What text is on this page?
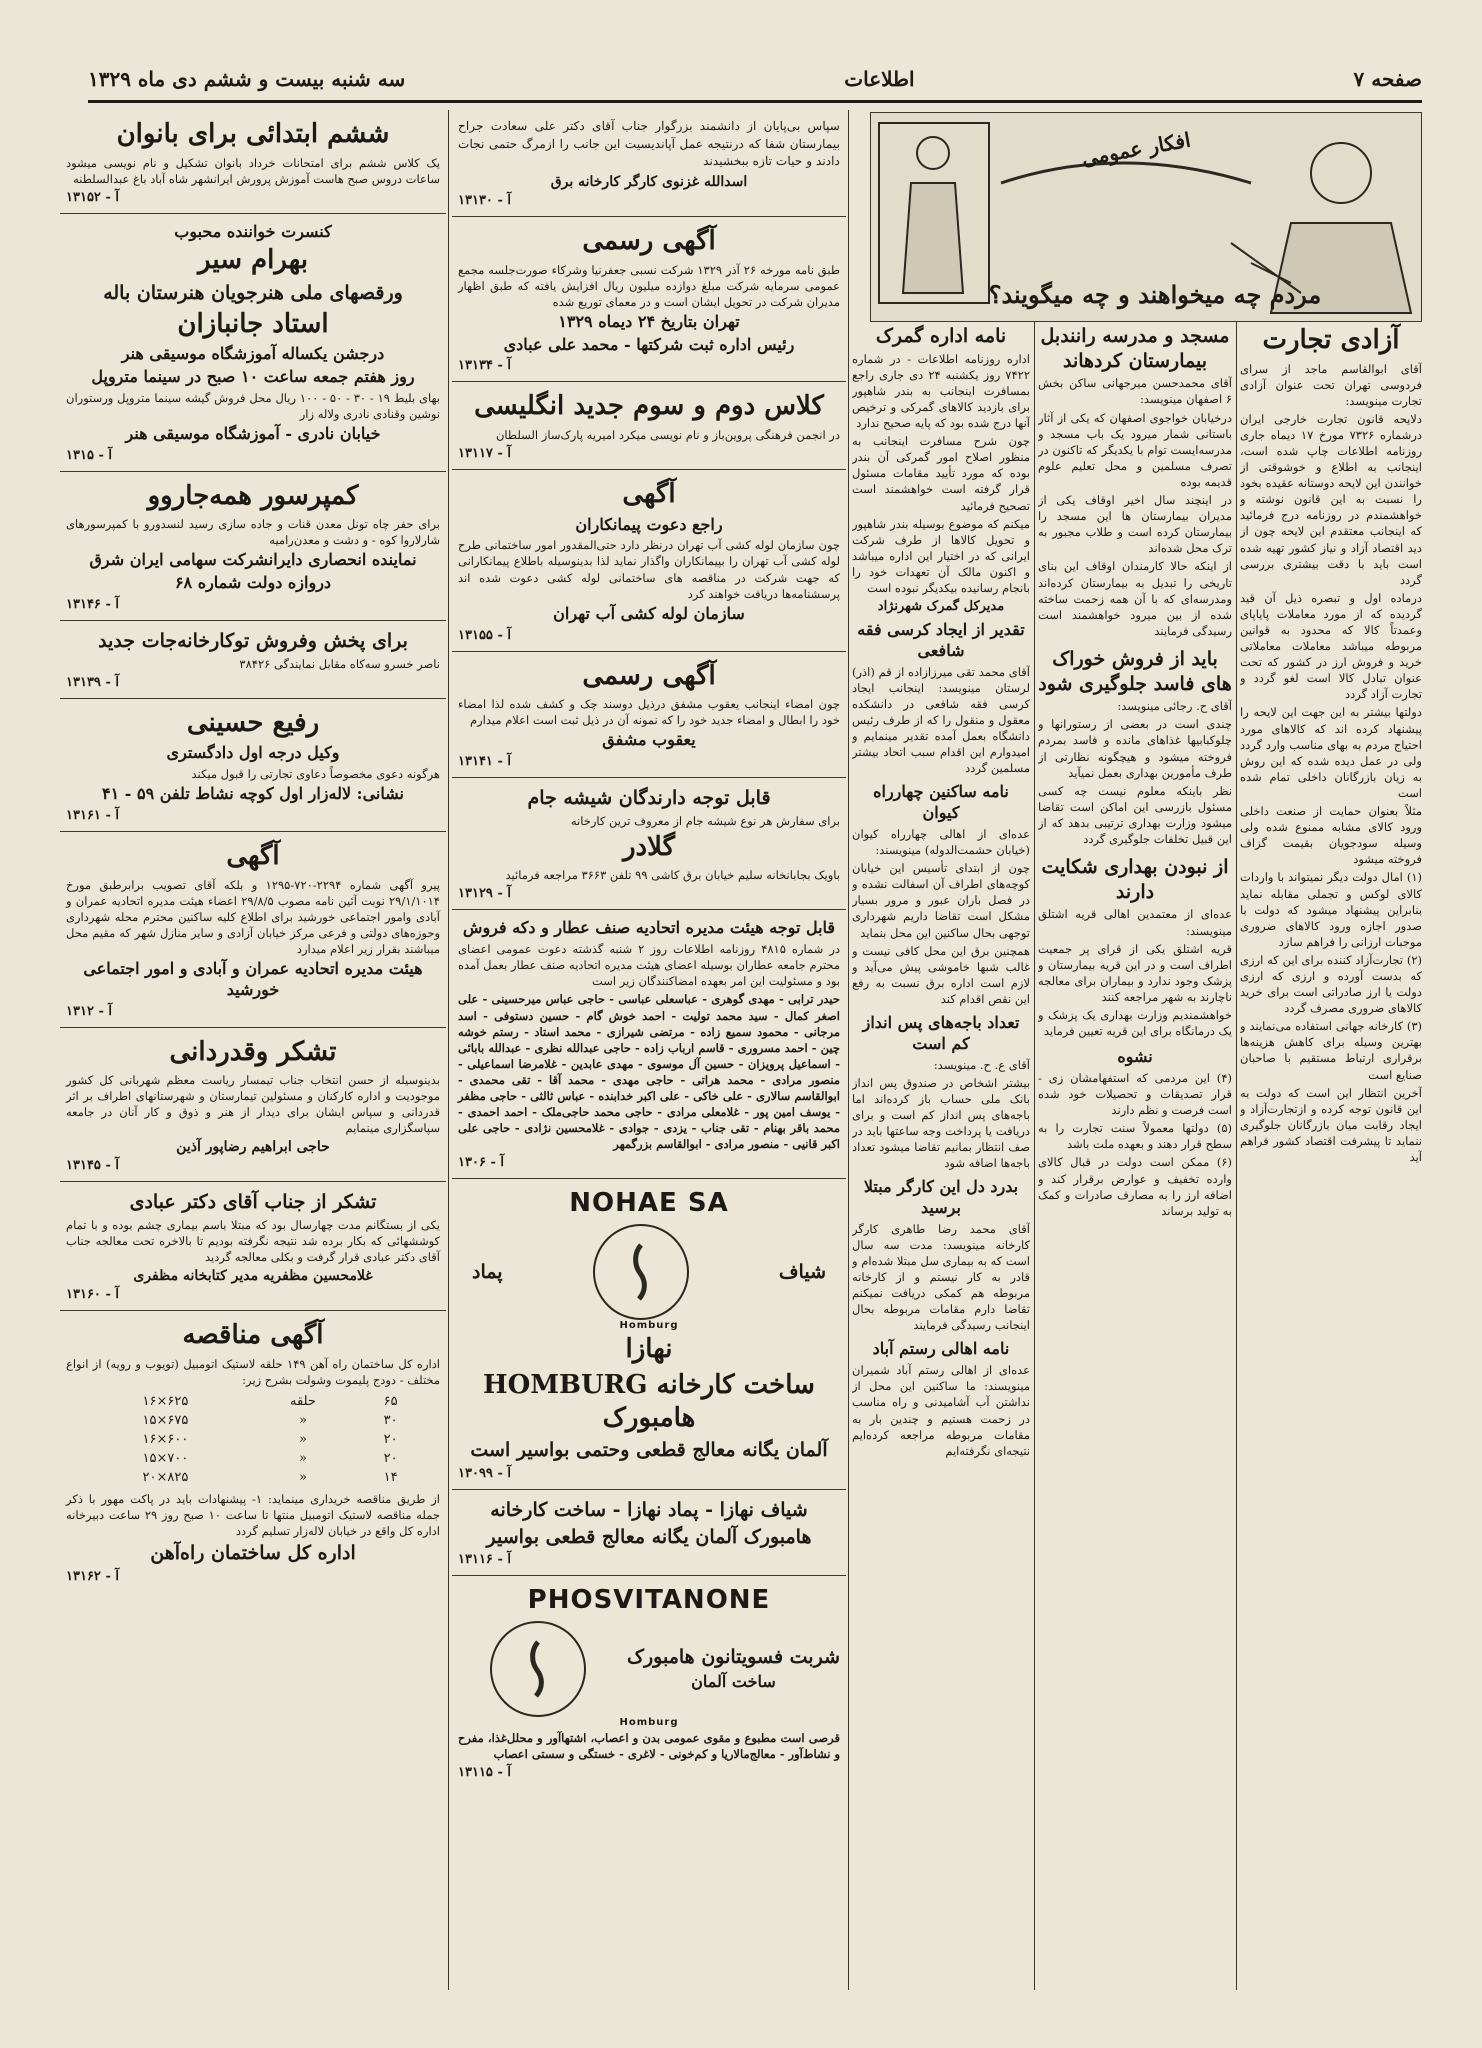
صفحه ۷
اطلاعات
سه شنبه بیست و ششم دی ماه ۱۳۲۹
ششم ابتدائی برای بانوان
یک کلاس ششم برای امتحانات خرداد بانوان تشکیل و نام نویسی میشود ساعات دروس صبح هاست آموزش پرورش ایرانشهر شاه آباد باغ عبدالسلطنه
آ - ۱۳۱۵۲
کنسرت خواننده محبوب
بهرام سیر
ورقصهای ملی هنرجویان هنرستان باله
استاد جانبازان
درجشن یکساله آموزشگاه موسیقی هنر
روز هفتم جمعه ساعت ۱۰ صبح در سینما متروپل
بهای بلیط ۱۹ - ۳۰ - ۵۰ - ۱۰۰ ریال محل فروش گیشه سینما متروپل ورستوران نوشین وقنادی نادری ولاله زار
خیابان نادری - آموزشگاه موسیقی هنر
آ - ۱۳۱۵
کمپرسور همه‌جاروو
برای حفر چاه تونل معدن قنات و جاده سازی رسید لنسدورو با کمپرسورهای شارلاروا کوه - و دشت و معدن‌رامیه
نماینده انحصاری دایرانشرکت سهامی ایران شرق
دروازه دولت شماره ۶۸
آ - ۱۳۱۴۶
برای پخش وفروش توکارخانه‌جات جدید
ناصر خسرو سه‌کاه مقابل نمایندگی ۳۸۴۲۶
آ - ۱۳۱۳۹
رفیع حسینی
وکیل درجه اول دادگستری
هرگونه دعوی مخصوصاً دعاوی تجارتی را قبول میکند
نشانی: لاله‌زار اول کوچه نشاط تلفن ۵۹ - ۴۱
آ - ۱۳۱۶۱
آگهی
پیرو آگهی شماره ۲۲۹۴-۷۲۰-۱۲۹۵ و بلکه آقای تصویب برابرطبق مورخ ۲۹/۱/۱۰۱۴ نوبت آئین نامه مصوب ۲۹/۸/۵ اعضاء هیئت مدیره اتحادیه عمران و آبادی وامور اجتماعی خورشید برای اطلاع کلیه ساکنین محترم محله شهرداری وحوزه‌های دولتی و فرعی مرکز خیابان آزادی و سایر منازل شهر که مقیم محل میباشند بقرار زیر اعلام میدارد
هیئت مدیره اتحادیه عمران و آبادی و امور اجتماعی خورشید
آ - ۱۳۱۲
تشکر وقدردانی
بدینوسیله از حسن انتخاب جناب تیمسار ریاست معظم شهربانی کل کشور موجودیت و اداره کارکنان و مسئولین تیمارستان و شهرستانهای اطراف بر اثر قدردانی و سپاس ایشان برای دیدار از هنر و ذوق و کار آنان در جامعه سپاسگزاری مینمایم
حاجی ابراهیم رضاپور آذین
آ - ۱۳۱۴۵
تشکر از جناب آقای دکتر عبادی
یکی از بستگانم مدت چهارسال بود که مبتلا باسم بیماری چشم بوده و با تمام کوششهائی که بکار برده شد نتیجه نگرفته بودیم تا بالاخره تحت معالجه جناب آقای دکتر عبادی قرار گرفت و بکلی معالجه گردید
غلامحسین مظفریه مدیر کتابخانه مظفری
آ - ۱۳۱۶۰
آگهی مناقصه
اداره کل ساختمان راه آهن ۱۴۹ حلقه لاستیک اتومبیل (تویوب و رویه) از انواع مختلف - دودج پلیموت وشولت بشرح زیر:
۶۵	حلقه	۶۲۵×۱۶
۳۰	«	۶۷۵×۱۵
۲۰	«	۶۰۰×۱۶
۲۰	«	۷۰۰×۱۵
۱۴	«	۸۲۵×۲۰
از طریق مناقصه خریداری مینماید: ۱- پیشنهادات باید در پاکت مهور با ذکر جمله مناقصه لاستیک اتومبیل منتها تا ساعت ۱۰ صبح روز ۲۹ ساعت دبیرخانه اداره کل واقع در خیابان لاله‌زار تسلیم گردد
اداره کل ساختمان راه‌آهن
آ - ۱۳۱۶۲
سپاس بی‌پایان از دانشمند بزرگوار جناب آقای دکتر علی سعادت جراح بیمارستان شفا که درنتیجه عمل آپاندیسیت این جانب را ازمرگ حتمی نجات دادند و حیات تازه ببخشیدند
اسدالله غزنوی کارگر کارخانه برق
آ - ۱۳۱۳۰
آگهی رسمی
طبق نامه مورخه ۲۶ آذر ۱۳۲۹ شرکت نسبی جعفرنیا وشرکاء صورت‌جلسه مجمع عمومی سرمایه شرکت مبلغ دوازده میلیون ریال افزایش یافته که طبق اظهار مدیران شرکت در تحویل ایشان است و در معمای توریع شده
تهران بتاریخ ۲۴ دیماه ۱۳۲۹
رئیس اداره ثبت شرکتها - محمد علی عبادی
آ - ۱۳۱۳۴
کلاس دوم و سوم جدید انگلیسی
در انجمن فرهنگی پروین‌باز و نام نویسی میکرد امیریه پارک‌ساز السلطان
آ - ۱۳۱۱۷
آگهی
راجع دعوت پیمانکاران
چون سازمان لوله کشی آب تهران درنظر دارد حتی‌المقدور امور ساختمانی طرح لوله کشی آب تهران را بپیمانکاران واگذار نماید لذا بدینوسیله باطلاع پیمانکارانی که جهت شرکت در مناقصه های ساختمانی لوله کشی دعوت شده اند پرسشنامه‌ها دریافت خواهند کرد
سازمان لوله کشی آب تهران
آ - ۱۳۱۵۵
آگهی رسمی
چون امضاء اینجانب یعقوب مشفق درذیل دوسند چک و کشف شده لذا امضاء خود را ابطال و امضاء جدید خود را که نمونه آن در ذیل ثبت است اعلام میدارم
یعقوب مشفق
آ - ۱۳۱۴۱
قابل توجه دارندگان شیشه جام
برای سفارش هر نوع شیشه جام از معروف ترین کارخانه
گلادر
باویک بجابانخانه سلیم خیابان برق کاشی ۹۹ تلفن ۳۶۶۳ مراجعه فرمائید
آ - ۱۳۱۲۹
قابل توجه هیئت مدیره اتحادیه صنف عطار و دکه فروش
در شماره ۴۸۱۵ روزنامه اطلاعات روز ۲ شنبه گذشته دعوت عمومی اعضای محترم جامعه عطاران بوسیله اعضای هیئت مدیره اتحادیه صنف عطار بعمل آمده بود و مسئولیت این امر بعهده امضاکنندگان زیر است
حیدر ترابی - مهدی گوهری - عباسعلی عباسی - حاجی عباس میرحسینی - علی اصغر کمال - سید محمد تولیت - احمد خوش گام - حسین دستوفی - اسد مرجانی - محمود سمیع زاده - مرتضی شیرازی - محمد استاد - رستم خوشه چین - احمد مسروری - قاسم ارباب زاده - حاجی عبدالله نظری - عبدالله بابائی - اسماعیل پرویزان - حسین آل موسوی - مهدی عابدین - غلامرضا اسماعیلی - منصور مرادی - محمد هراتی - حاجی مهدی - محمد آقا - تقی محمدی - ابوالقاسم سالاری - علی خاکی - علی اکبر خدابنده - عباس ثالثی - حاجی مظفر - یوسف امین پور - غلامعلی مرادی - حاجی محمد حاجی‌ملک - احمد احمدی - محمد باقر بهنام - تقی جناب - یزدی - جوادی - غلامحسین نژادی - حاجی علی اکبر قانیی - منصور مرادی - ابوالقاسم بزرگمهر
آ - ۱۳۰۶
NOHAE SA
شیاف
پماد
Homburg
نهازا
ساخت کارخانه HOMBURG هامبورک
آلمان یگانه معالج قطعی وحتمی بواسیر است
آ - ۱۳۰۹۹
شیاف نهازا - پماد نهازا - ساخت کارخانه
هامبورک آلمان یگانه معالج قطعی بواسیر
آ - ۱۳۱۱۶
PHOSVITANONE
شربت فسویتانون هامبورک
ساخت آلمان
Homburg
قرصی است مطبوع و مقوی عمومی بدن و اعصاب، اشتهاآور و محلل‌غذا، مفرح و نشاط‌آور - معالج‌مالاریا و کم‌خونی - لاغری - خستگی و سستی اعصاب
آ - ۱۳۱۱۵
افکار عمومی
مردم چه میخواهند و چه میگویند؟
آزادی تجارت
آقای ابوالقاسم ماجد از سرای فردوسی تهران تحت عنوان آزادی تجارت مینویسد:
دلایحه قانون تجارت خارجی ایران درشماره ۷۳۲۶ مورخ ۱۷ دیماه جاری روزنامه اطلاعات چاپ شده است، اینجانب به اطلاع و خوشوقتی از خوانندن این لایحه دوستانه عقیده بخود را نسبت به این قانون نوشته و خواهشمندم در روزنامه درج فرمائید که اینجانب معتقدم این لایحه چون از دید اقتصاد آزاد و نیاز کشور تهیه شده است باید با دقت بیشتری بررسی گردد
درماده اول و تبصره ذیل آن قید گردیده که از مورد معاملات پایاپای وعمدتاً کالا که محدود به قوانین مربوطه میباشد معاملات معاملاتی خرید و فروش ارز در کشور که تحت عنوان تبادل کالا است لغو گردد و تجارت آزاد گردد
دولتها بیشتر به این جهت این لایحه را پیشنهاد کرده اند که کالاهای مورد احتیاج مردم به بهای مناسب وارد گردد ولی در عمل دیده شده که این روش به زیان بازرگانان داخلی تمام شده است
مثلاً بعنوان حمایت از صنعت داخلی ورود کالای مشابه ممنوع شده ولی وسیله سودجویان بقیمت گزاف فروخته میشود
(۱) امال دولت دیگر نمیتواند با واردات کالای لوکس و تجملی مقابله نماید بنابراین پیشنهاد میشود که دولت با صدور اجازه ورود کالاهای ضروری موجبات ارزانی را فراهم سازد
(۲) تجارت‌آزاد کننده برای این که ارزی که بدست آورده و ارزی که ارزی دولت یا ارز صادراتی است برای خرید کالاهای ضروری مصرف گردد
(۳) کارخانه جهانی استفاده می‌نمایند و بهترین وسیله برای کاهش هزینه‌ها برقراری ارتباط مستقیم با صاحبان صنایع است
آخرین انتظار این است که دولت به این قانون توجه کرده و ازتجارت‌آزاد و ایجاد رقابت میان بازرگانان جلوگیری ننماید تا پیشرفت اقتصاد کشور فراهم آید
مسجد و مدرسه رانندبل بیمارستان کردهاند
آقای محمدحسن میرجهانی ساکن بخش ۶ اصفهان مینویسد:
درخیابان خواجوی اصفهان که یکی از آثار باستانی شمار میرود یک باب مسجد و مدرسه‌ایست توام با یکدیگر که تاکنون در تصرف مسلمین و محل تعلیم علوم قدیمه بوده
در اینچند سال اخیر اوقاف یکی از مدیران بیمارستان ها این مسجد را بیمارستان کرده است و طلاب مجبور به ترک محل شده‌اند
از اینکه حالا کارمندان اوقاف این بنای تاریخی را تبدیل به بیمارستان کرده‌اند ومدرسه‌ای که با آن همه زحمت ساخته شده از بین میرود خواهشمند است رسیدگی فرمایند
باید از فروش خوراک های فاسد جلوگیری شود
آقای ح. رجائی مینویسد:
چندی است در بعضی از رستورانها و چلوکبابیها غذاهای مانده و فاسد بمردم فروخته میشود و هیچگونه نظارتی از طرف مأمورین بهداری بعمل نمیآید
نظر باینکه معلوم نیست چه کسی مسئول بازرسی این اماکن است تقاضا میشود وزارت بهداری ترتیبی بدهد که از این قبیل تخلفات جلوگیری گردد
از نبودن بهداری شکایت دارند
عده‌ای از معتمدین اهالی قریه اشتلق مینویسند:
قریه اشتلق یکی از قرای پر جمعیت اطراف است و در این قریه بیمارستان و پزشک وجود ندارد و بیماران برای معالجه ناچارند به شهر مراجعه کنند
خواهشمندیم وزارت بهداری یک پزشک و یک درمانگاه برای این قریه تعیین فرماید
نشوه
(۴) این مردمی که استفهامشان زی - قرار تصدیقات و تحصیلات خود شده است فرصت و نظم دارند
(۵) دولتها معمولاً سنت تجارت را به سطح قرار دهند و بعهده ملت باشد
(۶) ممکن است دولت در قبال کالای وارده تخفیف و عوارض برقرار کند و اضافه ارز را به مصارف صادرات و کمک به تولید برساند
نامه اداره گمرک
اداره روزنامه اطلاعات - در شماره ۷۴۲۲ روز یکشنبه ۲۴ دی جاری راجع بمسافرت اینجانب به بندر شاهپور برای بازدید کالاهای گمرکی و ترخیص آنها درج شده بود که پایه صحیح ندارد
چون شرح مسافرت اینجانب به منظور اصلاح امور گمرکی آن بندر بوده که مورد تأیید مقامات مسئول قرار گرفته است خواهشمند است تصحیح فرمائید
میکنم که موضوع بوسیله بندر شاهپور و تحویل کالاها از طرف شرکت ایرانی که در اختیار این اداره میباشد و اکنون مالک آن تعهدات خود را بانجام رسانیده بیکدیگر نبوده است
مدیرکل گمرک شهرنژاد
تقدیر از ایجاد کرسی فقه شافعی
آقای محمد تقی میرزازاده از قم (اذر) لرستان مینویسد: اینجانب ایجاد کرسی فقه شافعی در دانشکده معقول و منقول را که از طرف رئیس دانشگاه بعمل آمده تقدیر مینمایم و امیدوارم این اقدام سبب اتحاد بیشتر مسلمین گردد
نامه ساکنین چهارراه کیوان
عده‌ای از اهالی چهارراه کیوان (خیابان حشمت‌الدوله) مینویسند:
چون از ابتدای تأسیس این خیابان کوچه‌های اطراف آن اسفالت نشده و در فصل باران عبور و مرور بسیار مشکل است تقاضا داریم شهرداری توجهی بحال ساکنین این محل بنماید
همچنین برق این محل کافی نیست و غالب شبها خاموشی پیش می‌آید و لازم است اداره برق نسبت به رفع این نقص اقدام کند
تعداد باجه‌های پس انداز کم است
آقای ع. ح. مینویسد:
بیشتر اشخاص در صندوق پس انداز بانک ملی حساب باز کرده‌اند اما باجه‌های پس انداز کم است و برای دریافت یا پرداخت وجه ساعتها باید در صف انتظار بمانیم تقاضا میشود تعداد باجه‌ها اضافه شود
بدرد دل این کارگر مبتلا برسید
آقای محمد رضا طاهری کارگر کارخانه مینویسد: مدت سه سال است که به بیماری سل مبتلا شده‌ام و قادر به کار نیستم و از کارخانه مربوطه هم کمکی دریافت نمیکنم تقاضا دارم مقامات مربوطه بحال اینجانب رسیدگی فرمایند
نامه اهالی رستم آباد
عده‌ای از اهالی رستم آباد شمیران مینویسند: ما ساکنین این محل از نداشتن آب آشامیدنی و راه مناسب در زحمت هستیم و چندین بار به مقامات مربوطه مراجعه کرده‌ایم نتیجه‌ای نگرفته‌ایم
